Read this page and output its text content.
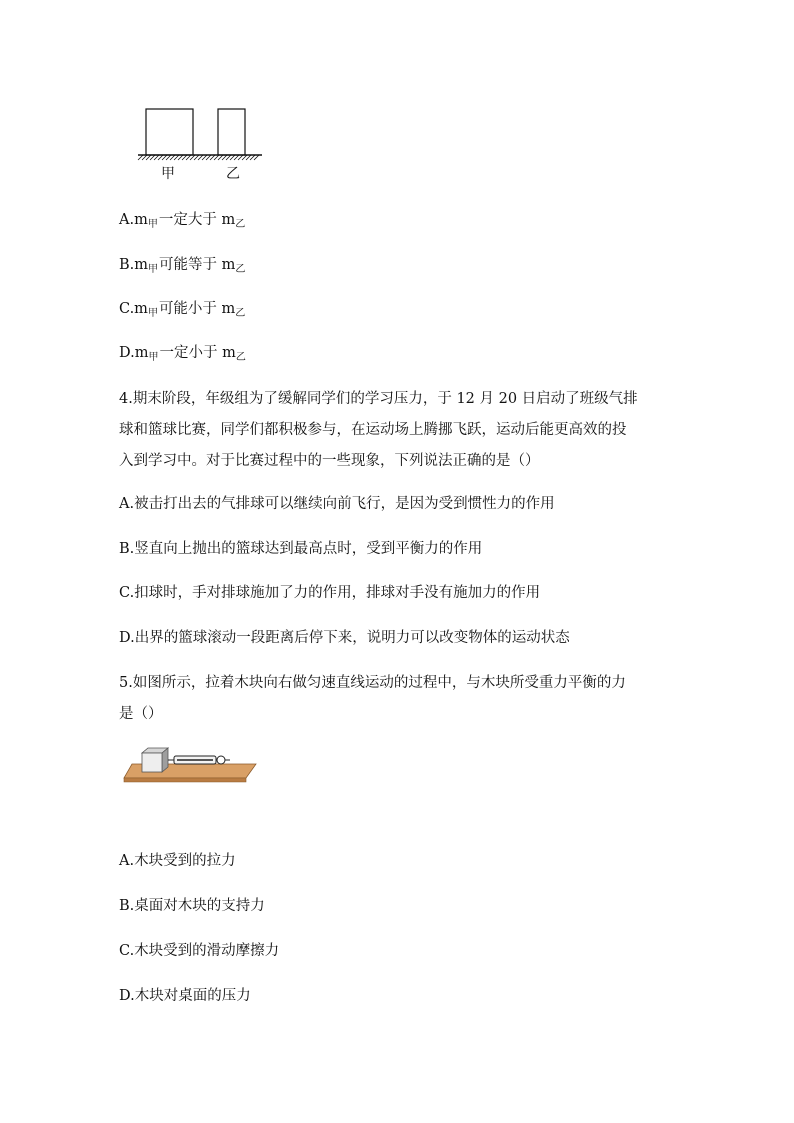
甲	乙
$A.m_甲$一定大于 $m_乙$
$B.m_甲$可能等于 $m_乙$
$C.m_甲$可能小于 $m_乙$
$D.m_甲$一定小于 $m_乙$
4.期末阶段，年级组为了缓解同学们的学习压力，于 12 月 20 日启动了班级气排
球和篮球比赛，同学们都积极参与，在运动场上腾挪飞跃，运动后能更高效的投
入到学习中。对于比赛过程中的一些现象，下列说法正确的是（）
A.被击打出去的气排球可以继续向前飞行，是因为受到惯性力的作用
B.竖直向上抛出的篮球达到最高点时，受到平衡力的作用
C.扣球时，手对排球施加了力的作用，排球对手没有施加力的作用
D.出界的篮球滚动一段距离后停下来，说明力可以改变物体的运动状态
5.如图所示，拉着木块向右做匀速直线运动的过程中，与木块所受重力平衡的力
是（）
A.木块受到的拉力
B.桌面对木块的支持力
C.木块受到的滑动摩擦力
D.木块对桌面的压力
